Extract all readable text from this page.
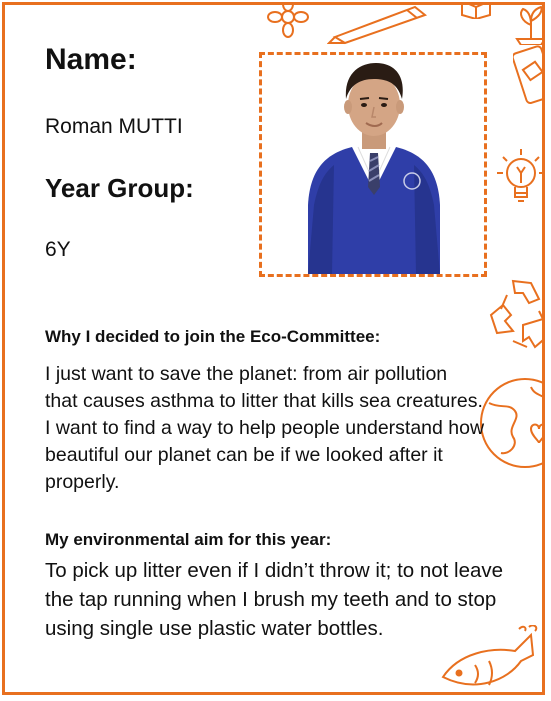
Name:

Roman MUTTI

Year Group:

6Y

Why I decided to join the Eco-Committee:

I just want to save the planet: from air pollution that causes asthma to litter that kills sea creatures. I want to find a way to help people understand how beautiful our planet can be if we looked after it properly.

My environmental aim for this year:

To pick up litter even if I didn’t throw it; to not leave the tap running when I brush my teeth and to stop using single use plastic water bottles.
